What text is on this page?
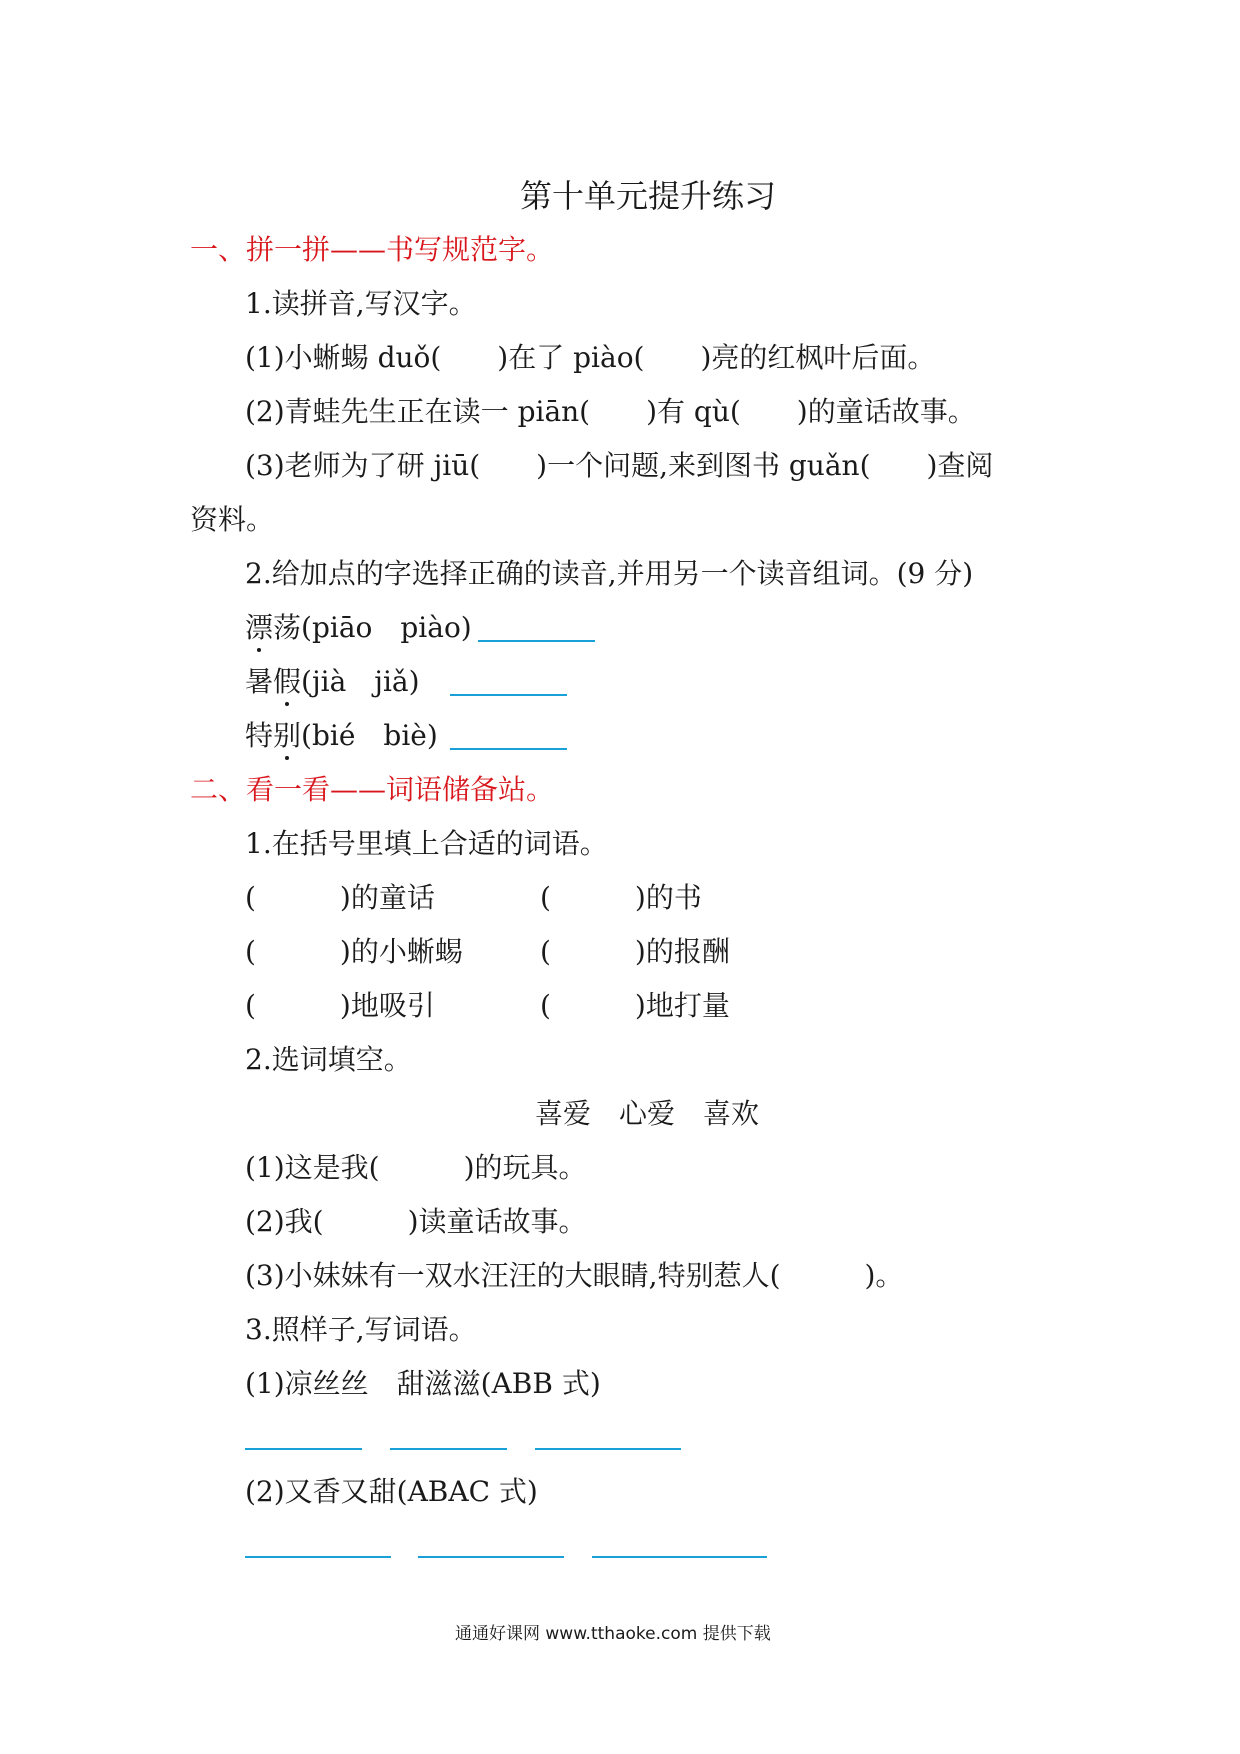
第十单元提升练习
一、拼一拼——书写规范字。
1.读拼音,写汉字。
(1)小蜥蜴 duǒ(　　)在了 piào(　　)亮的红枫叶后面。
(2)青蛙先生正在读一 piān(　　)有 qù(　　)的童话故事。
(3)老师为了研 jiū(　　)一个问题,来到图书 guǎn(　　)查阅
资料。
2.给加点的字选择正确的读音,并用另一个读音组词。(9 分)
漂荡(piāo　piào)
暑假(jià　jiǎ)
特别(bié　biè)
二、看一看——词语储备站。
1.在括号里填上合适的词语。
(　　　)的童话	(　　　)的书
(　　　)的小蜥蜴	(　　　)的报酬
(　　　)地吸引	(　　　)地打量
2.选词填空。
喜爱　心爱　喜欢
(1)这是我(　　　)的玩具。
(2)我(　　　)读童话故事。
(3)小妹妹有一双水汪汪的大眼睛,特别惹人(　　　)。
3.照样子,写词语。
(1)凉丝丝　甜滋滋(ABB 式)
(2)又香又甜(ABAC 式)
通通好课网 www.tthaoke.com 提供下载
